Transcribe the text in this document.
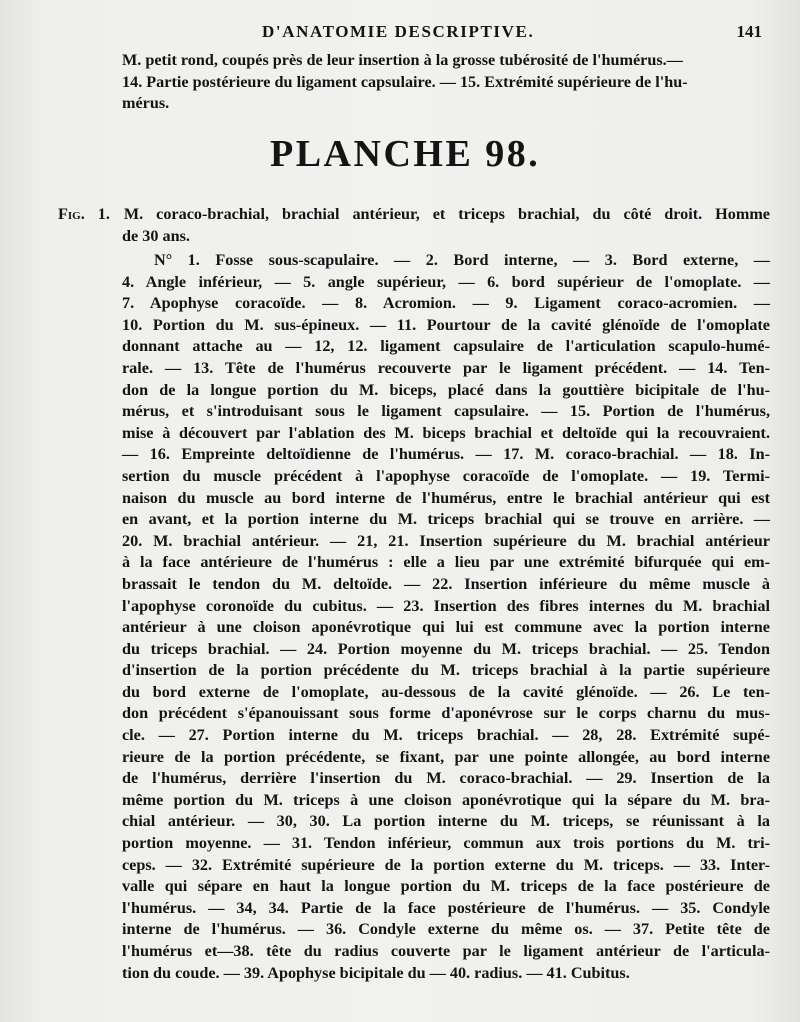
D'ANATOMIE DESCRIPTIVE.	141

M. petit rond, coupés près de leur insertion à la grosse tubérosité de l'humérus.—

14. Partie postérieure du ligament capsulaire. — 15. Extrémité supérieure de l'hu-

mérus.

PLANCHE 98.
Fig. 1. M. coraco-brachial, brachial antérieur, et triceps brachial, du côté droit. Homme
de 30 ans.
N° 1. Fosse sous-scapulaire. — 2. Bord interne, — 3. Bord externe, —
4. Angle inférieur, — 5. angle supérieur, — 6. bord supérieur de l'omoplate. —
7. Apophyse coracoïde. — 8. Acromion. — 9. Ligament coraco-acromien. —
10. Portion du M. sus-épineux. — 11. Pourtour de la cavité glénoïde de l'omoplate
donnant attache au — 12, 12. ligament capsulaire de l'articulation scapulo-humé-
rale. — 13. Tête de l'humérus recouverte par le ligament précédent. — 14. Ten-
don de la longue portion du M. biceps, placé dans la gouttière bicipitale de l'hu-
mérus, et s'introduisant sous le ligament capsulaire. — 15. Portion de l'humérus,
mise à découvert par l'ablation des M. biceps brachial et deltoïde qui la recouvraient.
— 16. Empreinte deltoïdienne de l'humérus. — 17. M. coraco-brachial. — 18. In-
sertion du muscle précédent à l'apophyse coracoïde de l'omoplate. — 19. Termi-
naison du muscle au bord interne de l'humérus, entre le brachial antérieur qui est
en avant, et la portion interne du M. triceps brachial qui se trouve en arrière. —
20. M. brachial antérieur. — 21, 21. Insertion supérieure du M. brachial antérieur
à la face antérieure de l'humérus : elle a lieu par une extrémité bifurquée qui em-
brassait le tendon du M. deltoïde. — 22. Insertion inférieure du même muscle à
l'apophyse coronoïde du cubitus. — 23. Insertion des fibres internes du M. brachial
antérieur à une cloison aponévrotique qui lui est commune avec la portion interne
du triceps brachial. — 24. Portion moyenne du M. triceps brachial. — 25. Tendon
d'insertion de la portion précédente du M. triceps brachial à la partie supérieure
du bord externe de l'omoplate, au-dessous de la cavité glénoïde. — 26. Le ten-
don précédent s'épanouissant sous forme d'aponévrose sur le corps charnu du mus-
cle. — 27. Portion interne du M. triceps brachial. — 28, 28. Extrémité supé-
rieure de la portion précédente, se fixant, par une pointe allongée, au bord interne
de l'humérus, derrière l'insertion du M. coraco-brachial. — 29. Insertion de la
même portion du M. triceps à une cloison aponévrotique qui la sépare du M. bra-
chial antérieur. — 30, 30. La portion interne du M. triceps, se réunissant à la
portion moyenne. — 31. Tendon inférieur, commun aux trois portions du M. tri-
ceps. — 32. Extrémité supérieure de la portion externe du M. triceps. — 33. Inter-
valle qui sépare en haut la longue portion du M. triceps de la face postérieure de
l'humérus. — 34, 34. Partie de la face postérieure de l'humérus. — 35. Condyle
interne de l'humérus. — 36. Condyle externe du même os. — 37. Petite tête de
l'humérus et—38. tête du radius couverte par le ligament antérieur de l'articula-
tion du coude. — 39. Apophyse bicipitale du — 40. radius. — 41. Cubitus.
